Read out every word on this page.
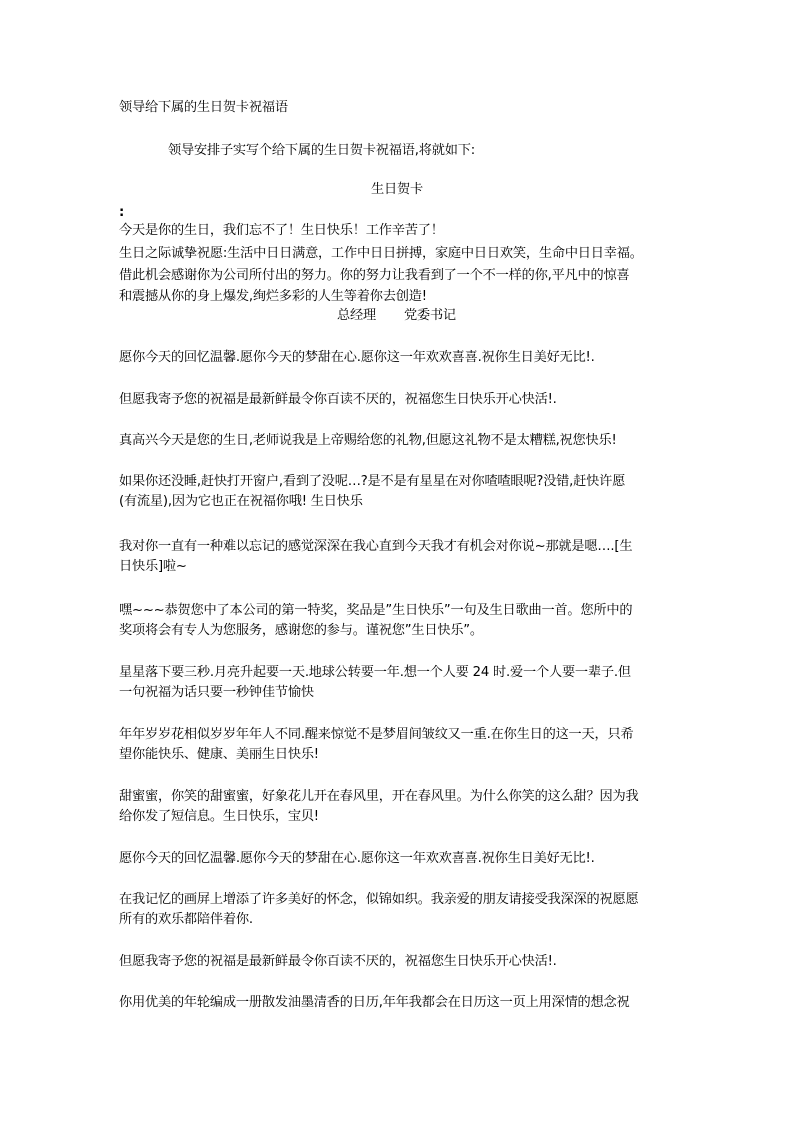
领导给下属的生日贺卡祝福语
领导安排子实写个给下属的生日贺卡祝福语,将就如下:
生日贺卡
:
今天是你的生日，我们忘不了！生日快乐！工作辛苦了！
生日之际诚挚祝愿:生活中日日满意，工作中日日拼搏，家庭中日日欢笑，生命中日日幸福。
借此机会感谢你为公司所付出的努力。你的努力让我看到了一个不一样的你,平凡中的惊喜
和震撼从你的身上爆发,绚烂多彩的人生等着你去创造!
总经理 党委书记
愿你今天的回忆温馨.愿你今天的梦甜在心.愿你这一年欢欢喜喜.祝你生日美好无比!.
但愿我寄予您的祝福是最新鲜最令你百读不厌的，祝福您生日快乐开心快活!.
真高兴今天是您的生日,老师说我是上帝赐给您的礼物,但愿这礼物不是太糟糕,祝您快乐!
如果你还没睡,赶快打开窗户,看到了没呢…?是不是有星星在对你喳喳眼呢?没错,赶快许愿
(有流星),因为它也正在祝福你哦! 生日快乐
我对你一直有一种难以忘记的感觉深深在我心直到今天我才有机会对你说~那就是嗯….[生
日快乐]啦~
嘿~~~恭贺您中了本公司的第一特奖，奖品是”生日快乐”一句及生日歌曲一首。您所中的
奖项将会有专人为您服务，感谢您的参与。谨祝您”生日快乐”。
星星落下要三秒.月亮升起要一天.地球公转要一年.想一个人要 24 时.爱一个人要一辈子.但
一句祝福为话只要一秒钟佳节愉快
年年岁岁花相似岁岁年年人不同.醒来惊觉不是梦眉间皱纹又一重.在你生日的这一天，只希
望你能快乐、健康、美丽生日快乐!
甜蜜蜜，你笑的甜蜜蜜，好象花儿开在春风里，开在春风里。为什么你笑的这么甜？因为我
给你发了短信息。生日快乐，宝贝!
愿你今天的回忆温馨.愿你今天的梦甜在心.愿你这一年欢欢喜喜.祝你生日美好无比!.
在我记忆的画屏上增添了许多美好的怀念，似锦如织。我亲爱的朋友请接受我深深的祝愿愿
所有的欢乐都陪伴着你.
但愿我寄予您的祝福是最新鲜最令你百读不厌的，祝福您生日快乐开心快活!.
你用优美的年轮编成一册散发油墨清香的日历,年年我都会在日历这一页上用深情的想念祝
